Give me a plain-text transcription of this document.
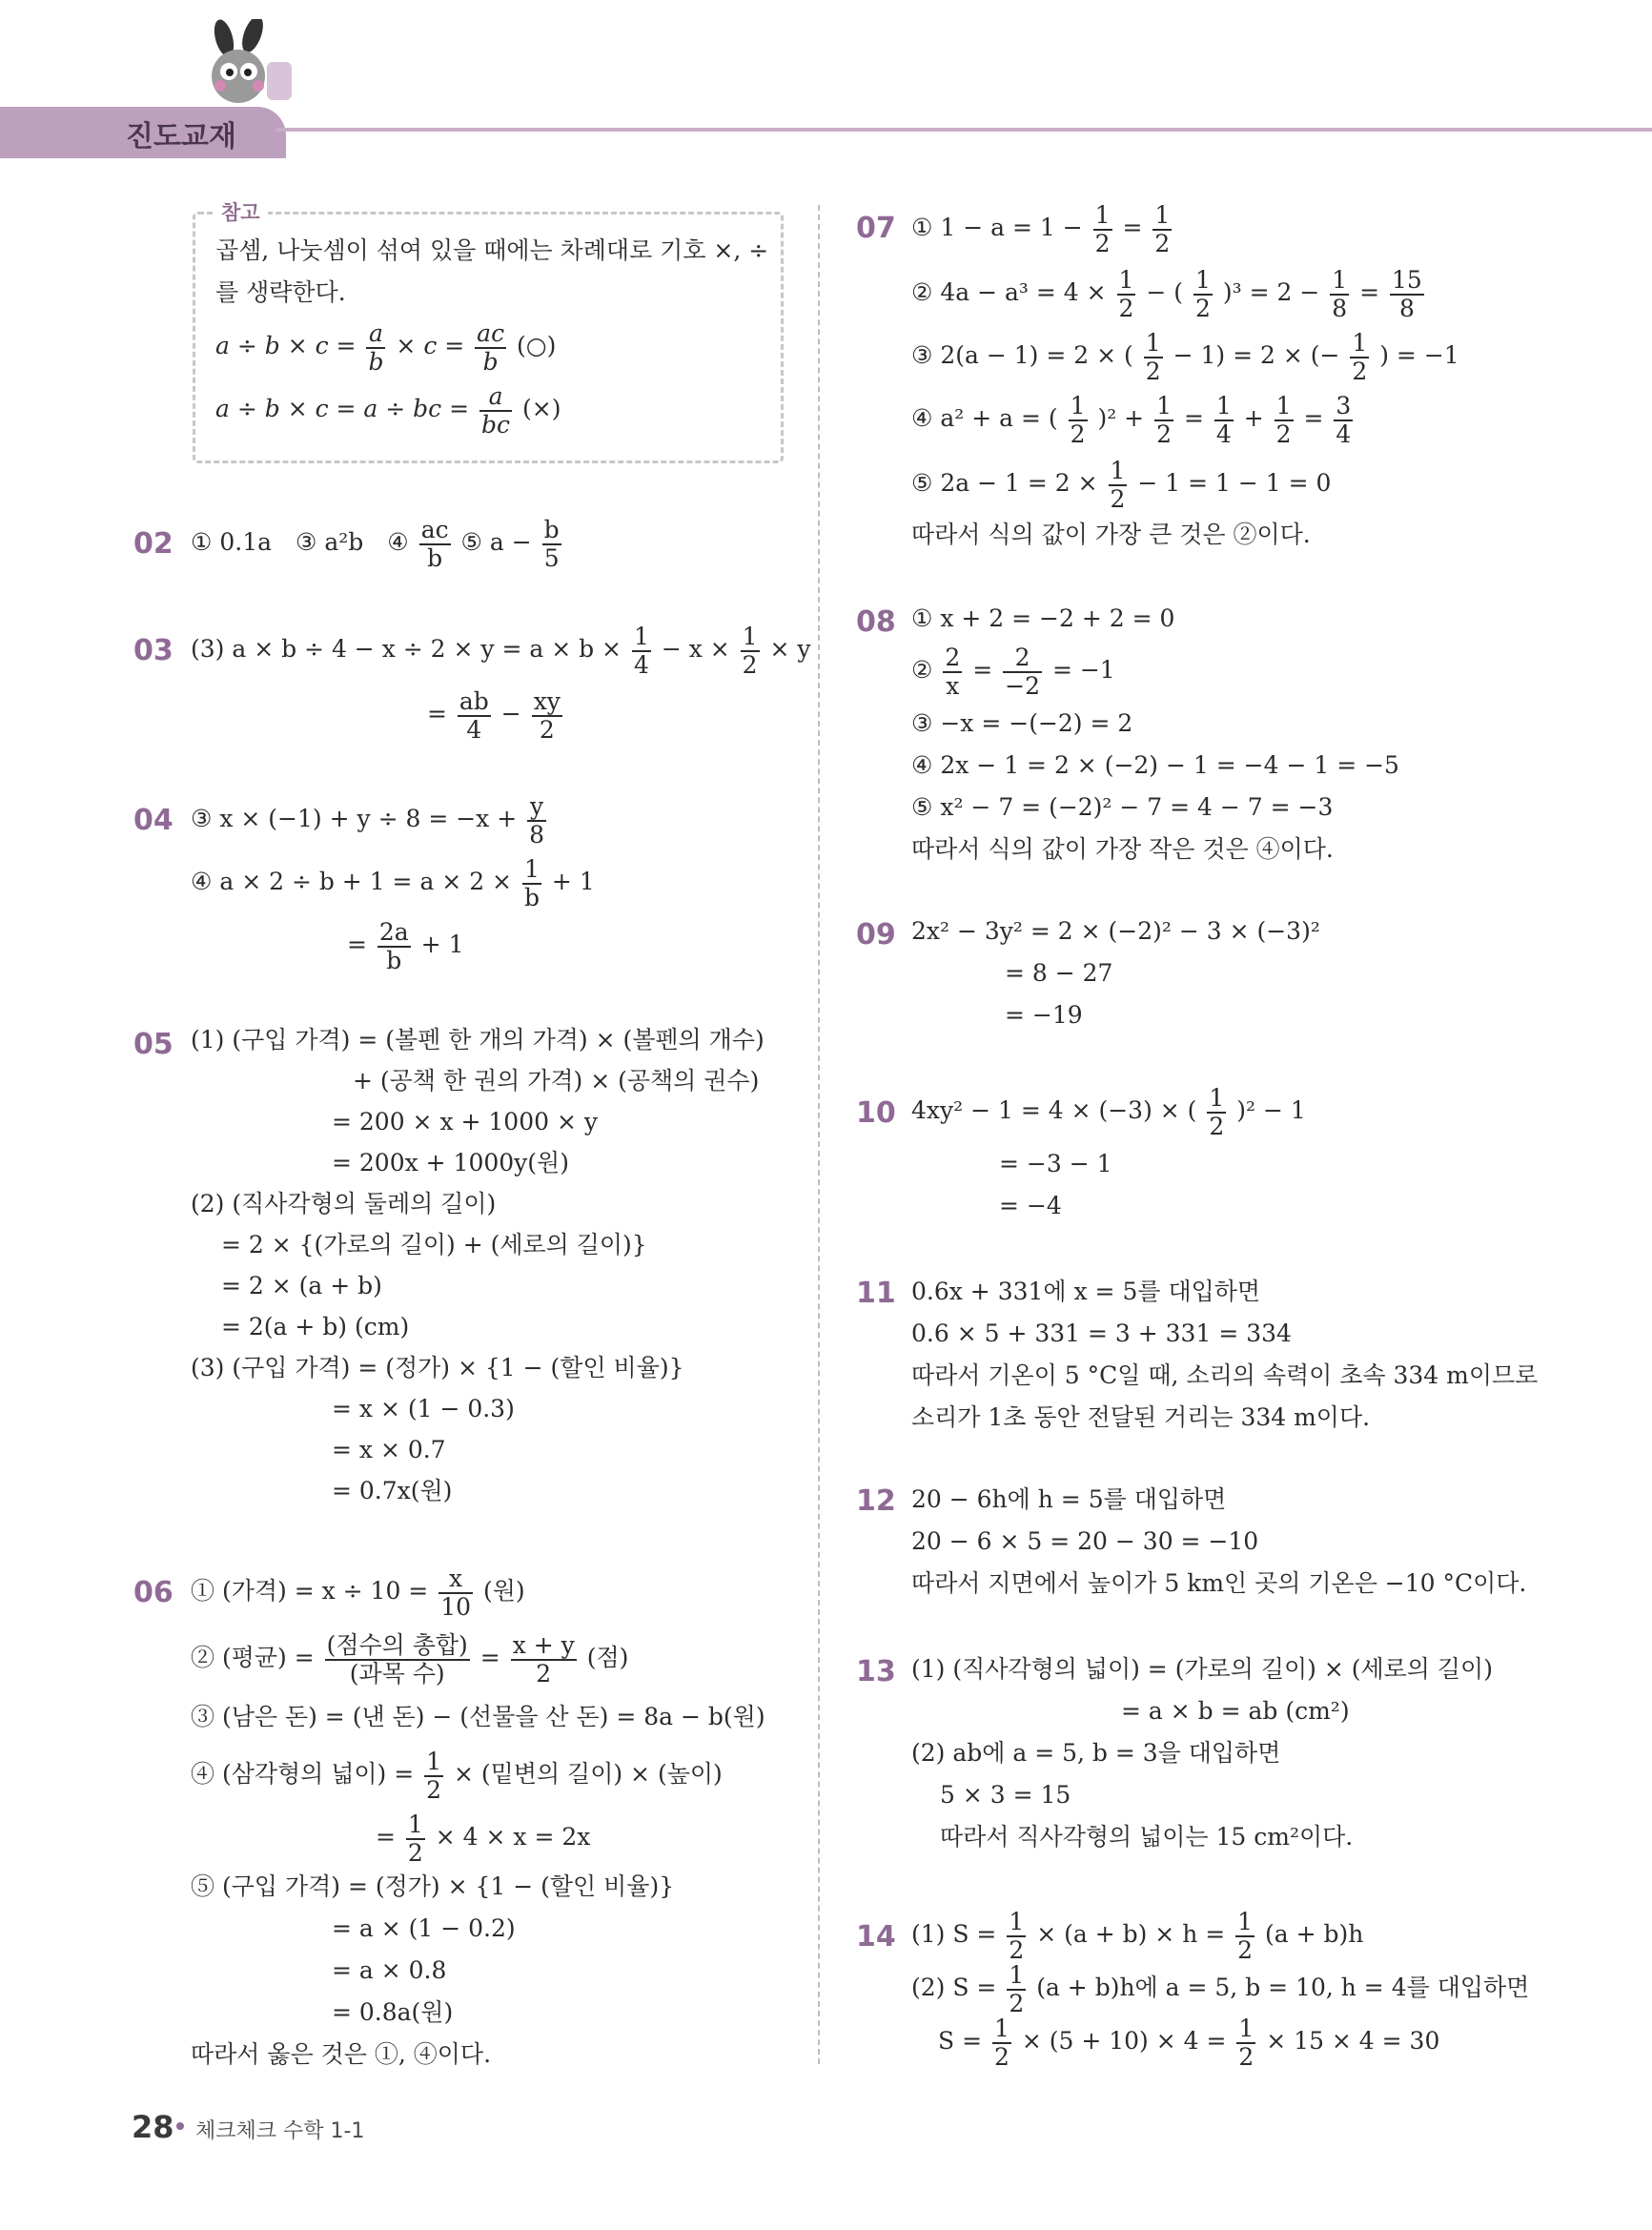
진도교재
참고
곱셈, 나눗셈이 섞여 있을 때에는 차례대로 기호 ×, ÷
를 생략한다.
$a \div b \times c = \frac{a}{b} \times c = \frac{ac}{b}$ (○)
a ÷ b × c = a ÷ bc = $\frac{a}{bc}$ (×)
02 ① 0.1a　③ a²b　④ $\frac{ac}{b}$ ⑤ $a - \frac{b}{5}$
03 (3) $a \times b \div 4 - x \div 2 \times y = a \times b \times \frac{1}{4} - x \times \frac{1}{2} \times y$
= $\frac{ab}{4} - \frac{xy}{2}$
04 ③ $x \times (-1) + y \div 8 = -x + \frac{y}{8}$
④ $a \times 2 \div b + 1 = a \times 2 \times \frac{1}{b} + 1$
= $\frac{2a}{b} + 1$
05 (1) (구입 가격) = (볼펜 한 개의 가격) × (볼펜의 개수)
+ (공책 한 권의 가격) × (공책의 권수)
= 200 × x + 1000 × y
= 200x + 1000y(원)
(2) (직사각형의 둘레의 길이)
= 2 × {(가로의 길이) + (세로의 길이)}
= 2 × (a + b)
= 2(a + b) (cm)
(3) (구입 가격) = (정가) × {1 − (할인 비율)}
= x × (1 − 0.3)
= x × 0.7
= 0.7x(원)
06 ① (가격) = $x \div 10 = \frac{x}{10}$ (원)
② (평균) = $\frac{\text{(점수의 총합)}}{\text{(과목 수)}} = \frac{x + y}{2}$ (점)
③ (남은 돈) = (낸 돈) − (선물을 산 돈) = 8a − b(원)
④ (삼각형의 넓이) = $\frac{1}{2}$ × (밑변의 길이) × (높이)
= $\frac{1}{2} \times 4 \times x = 2x$
⑤ (구입 가격) = (정가) × {1 − (할인 비율)}
= a × (1 − 0.2)
= a × 0.8
= 0.8a(원)
따라서 옳은 것은 ①, ④이다.
07 ① $1 - a = 1 - \frac{1}{2} = \frac{1}{2}$
② $4a - a^3 = 4 \times \frac{1}{2}$ − ( $\frac{1}{2} )^3 = 2 - \frac{1}{8} = \frac{15}{8}$
③ 2(a − 1) = 2 × ( $\frac{1}{2} - 1) = 2$ × (− $\frac{1}{2}$ ) = −1
④ a² + a = ( $\frac{1}{2} )^2 + \frac{1}{2} = \frac{1}{4} + \frac{1}{2} = \frac{3}{4}$
⑤ $2a - 1 = 2 \times \frac{1}{2} - 1 = 1 - 1 = 0$
따라서 식의 값이 가장 큰 것은 ②이다.
08 ① x + 2 = −2 + 2 = 0
② $\frac{2}{x} = \frac{2}{-2} = -1$
③ −x = −(−2) = 2
④ 2x − 1 = 2 × (−2) − 1 = −4 − 1 = −5
⑤ x² − 7 = (−2)² − 7 = 4 − 7 = −3
따라서 식의 값이 가장 작은 것은 ④이다.
09 2x² − 3y² = 2 × (−2)² − 3 × (−3)²
= 8 − 27
= −19
10 4xy² − 1 = 4 × (−3) × ( $\frac{1}{2} )^2 - 1$
= −3 − 1
= −4
11 0.6x + 331에 x = 5를 대입하면
0.6 × 5 + 331 = 3 + 331 = 334
따라서 기온이 5 °C일 때, 소리의 속력이 초속 334 m이므로
소리가 1초 동안 전달된 거리는 334 m이다.
12 20 − 6h에 h = 5를 대입하면
20 − 6 × 5 = 20 − 30 = −10
따라서 지면에서 높이가 5 km인 곳의 기온은 −10 °C이다.
13 (1) (직사각형의 넓이) = (가로의 길이) × (세로의 길이)
= a × b = ab (cm²)
(2) ab에 a = 5, b = 3을 대입하면
5 × 3 = 15
따라서 직사각형의 넓이는 15 cm²이다.
14 (1) $S = \frac{1}{2} \times (a + b) \times h = \frac{1}{2} (a + b)h$
(2) $S = \frac{1}{2} (a + b)h$에 a = 5, b = 10, h = 4를 대입하면
$S = \frac{1}{2} \times (5 + 10) \times 4 = \frac{1}{2} \times 15 \times 4 = 30$
28 체크체크 수학 1-1
